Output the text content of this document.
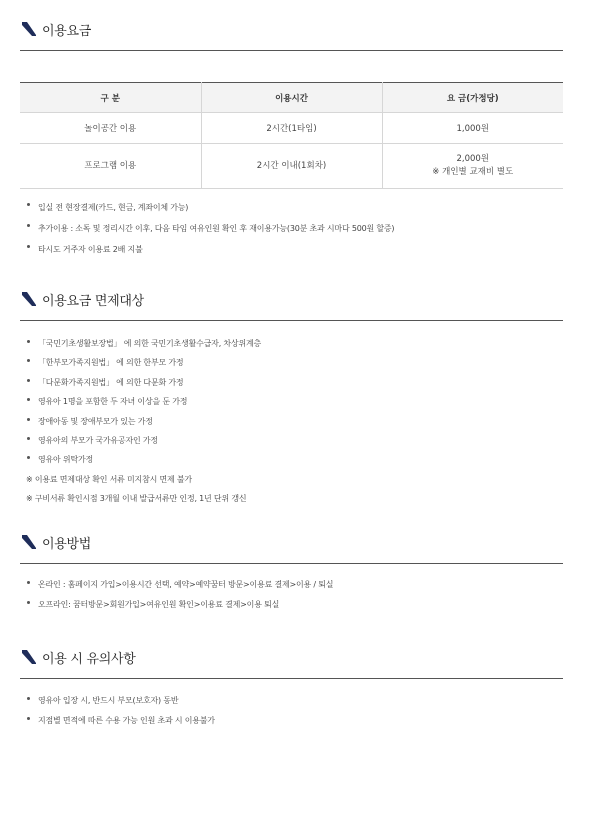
이용요금
구 분	이용시간	요 금(가정당)
놀이공간 이용	2시간(1타임)	1,000원
프로그램 이용	2시간 이내(1회차)	2,000원
※ 개인별 교재비 별도
입실 전 현장결제(카드, 현금, 계좌이체 가능)
추가이용 : 소독 및 정리시간 이후, 다음 타임 여유인원 확인 후 재이용가능(30분 초과 시마다 500원 할증)
타시도 거주자 이용료 2배 지불
이용요금 면제대상
「국민기초생활보장법」 에 의한 국민기초생활수급자, 차상위계층
「한부모가족지원법」 에 의한 한부모 가정
「다문화가족지원법」 에 의한 다문화 가정
영유아 1명을 포함한 두 자녀 이상을 둔 가정
장애아동 및 장애부모가 있는 가정
영유아의 부모가 국가유공자인 가정
영유아 위탁가정
※ 이용료 면제대상 확인 서류 미지참시 면제 불가
※ 구비서류 확인시점 3개월 이내 발급서류만 인정, 1년 단위 갱신
이용방법
온라인 : 홈페이지 가입>이용시간 선택, 예약>예약꿈터 방문>이용료 결제>이용 / 퇴실
오프라인: 꿈터방문>회원가입>여유인원 확인>이용료 결제>이용 퇴실
이용 시 유의사항
영유아 입장 시, 반드시 부모(보호자) 동반
지점별 면적에 따른 수용 가능 인원 초과 시 이용불가
